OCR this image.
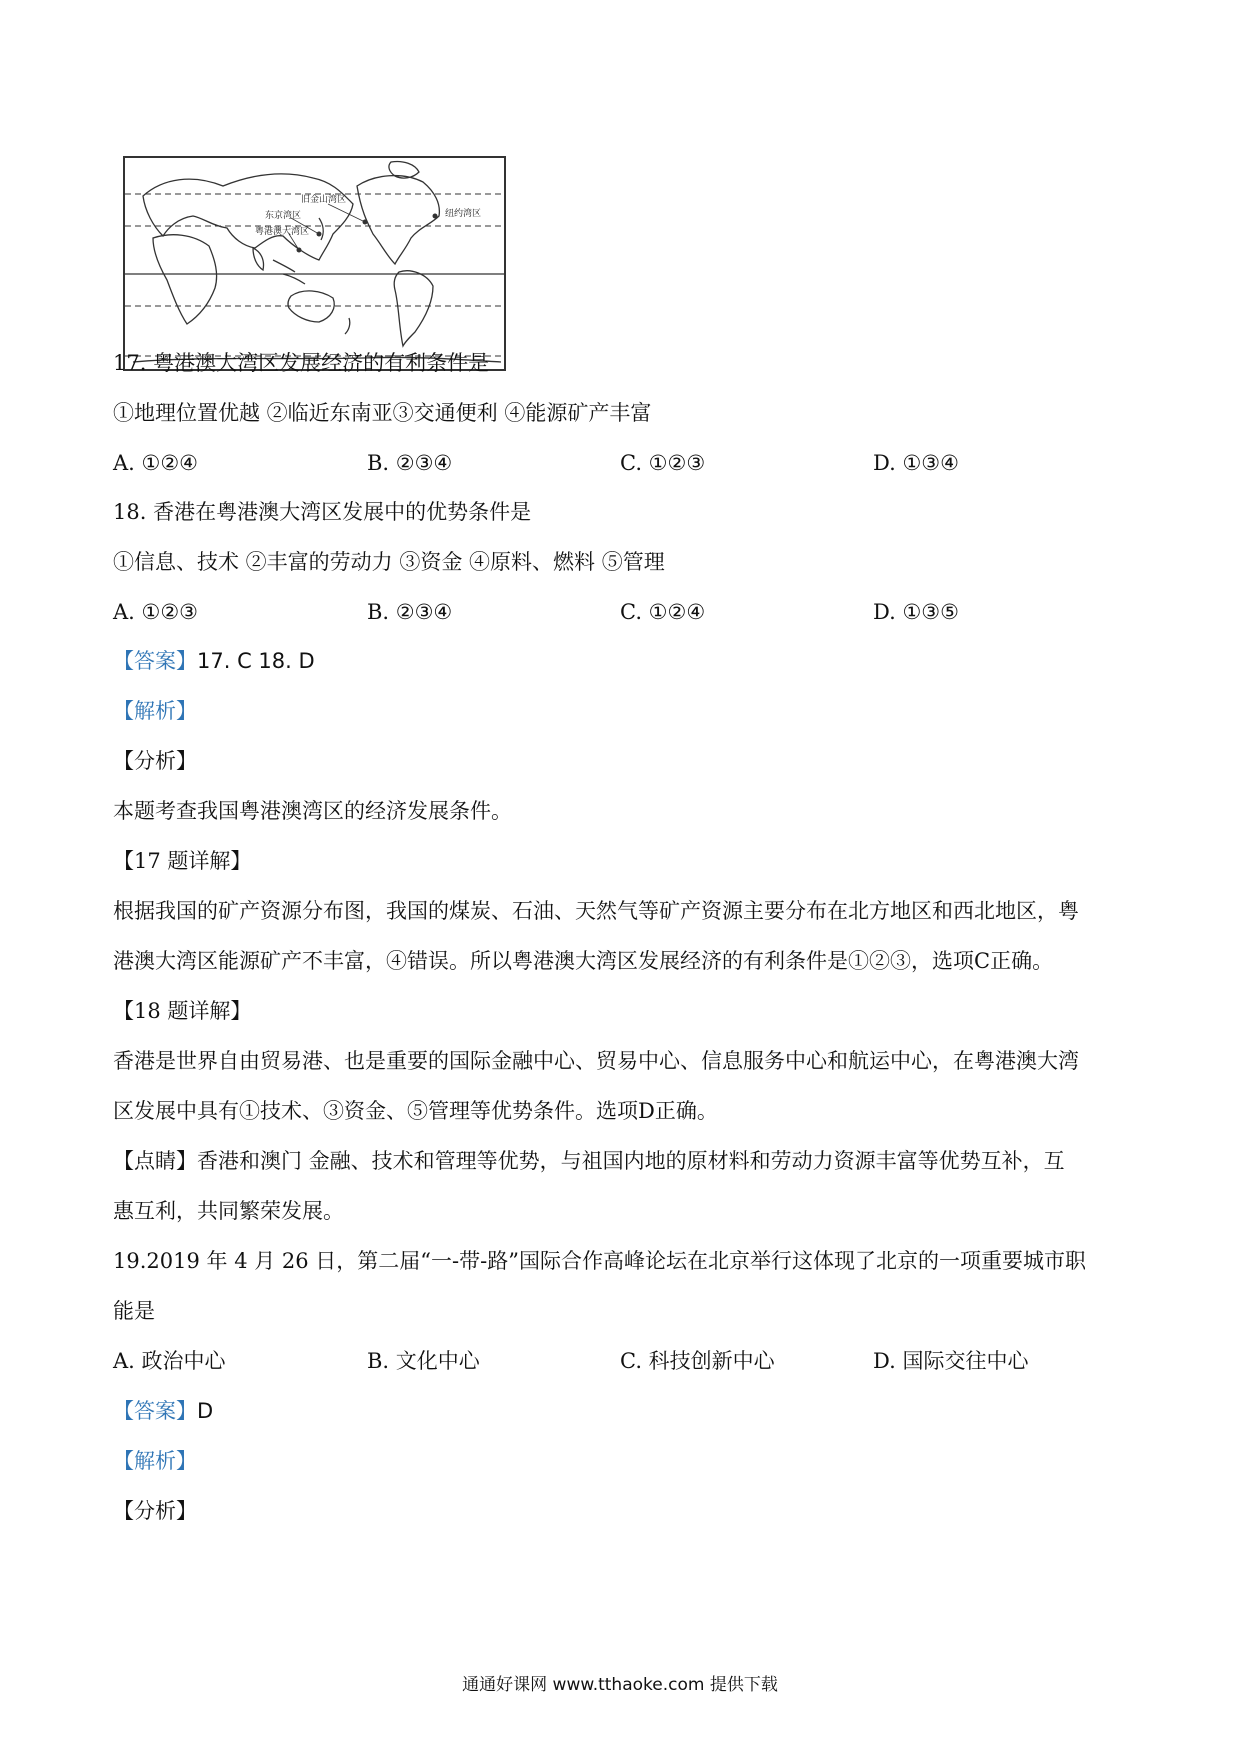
旧金山湾区
东京湾区
粤港澳大湾区
纽约湾区
17. 粤港澳大湾区发展经济的有利条件是
①地理位置优越 ②临近东南亚③交通便利 ④能源矿产丰富
A. ①②④	B. ②③④	C. ①②③	D. ①③④
18. 香港在粤港澳大湾区发展中的优势条件是
①信息、技术 ②丰富的劳动力 ③资金 ④原料、燃料 ⑤管理
A. ①②③	B. ②③④	C. ①②④	D. ①③⑤
【答案】17. C 18. D
【解析】
【分析】
本题考查我国粤港澳湾区的经济发展条件。
【17 题详解】
根据我国的矿产资源分布图，我国的煤炭、石油、天然气等矿产资源主要分布在北方地区和西北地区，粤
港澳大湾区能源矿产不丰富，④错误。所以粤港澳大湾区发展经济的有利条件是①②③，选项C正确。
【18 题详解】
香港是世界自由贸易港、也是重要的国际金融中心、贸易中心、信息服务中心和航运中心，在粤港澳大湾
区发展中具有①技术、③资金、⑤管理等优势条件。选项D正确。
【点睛】香港和澳门 金融、技术和管理等优势，与祖国内地的原材料和劳动力资源丰富等优势互补，互
惠互利，共同繁荣发展。
19.2019 年 4 月 26 日，第二届“一-带-路”国际合作高峰论坛在北京举行这体现了北京的一项重要城市职
能是
A. 政治中心	B. 文化中心	C. 科技创新中心	D. 国际交往中心
【答案】D
【解析】
【分析】
通通好课网 www.tthaoke.com 提供下载
